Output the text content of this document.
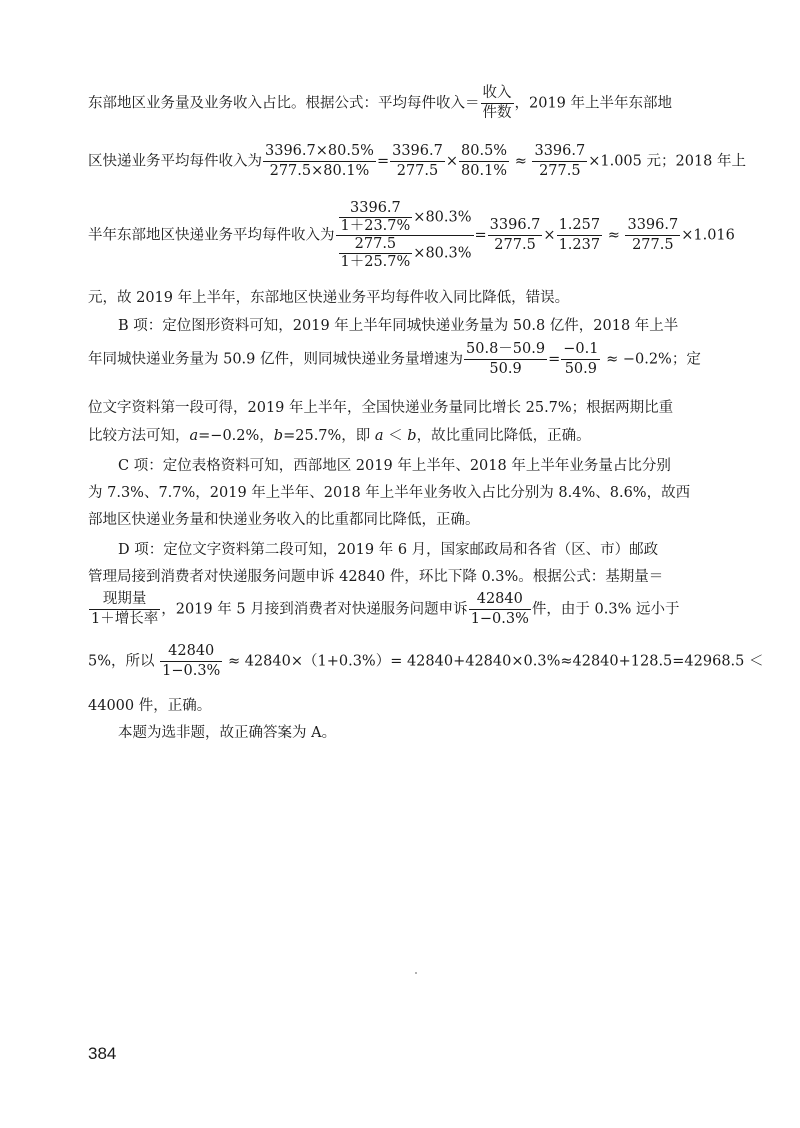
东部地区业务量及业务收入占比。根据公式：平均每件收入＝ $\frac{\text{收入}}{\text{件数}}$ ，2019 年上半年东部地
区快递业务平均每件收入为 $\frac{3396.7\times 80.5\%}{277.5\times 80.1\%} = \frac{3396.7}{277.5} \times \frac{80.5\%}{80.1\%} \approx \frac{3396.7}{277.5} \times 1.005$ 元；2018 年上
半年东部地区快递业务平均每件收入为 $\frac{\frac{3396.7}{1+23.7\%} \times 80.3\%}{\frac{277.5}{1+25.7\%} \times 80.3\%} = \frac{3396.7}{277.5} \times \frac{1.257}{1.237} \approx \frac{3396.7}{277.5} \times 1.016$
元，故 2019 年上半年，东部地区快递业务平均每件收入同比降低，错误。
B 项：定位图形资料可知，2019 年上半年同城快递业务量为 50.8 亿件，2018 年上半
年同城快递业务量为 50.9 亿件，则同城快递业务量增速为 $\frac{50.8-50.9}{50.9} = \frac{-0.1}{50.9} \approx -0.2\%$；定
位文字资料第一段可得，2019 年上半年，全国快递业务量同比增长 25.7%；根据两期比重
比较方法可知，a=−0.2%，b=25.7%，即 a ＜ b，故比重同比降低，正确。
C 项：定位表格资料可知，西部地区 2019 年上半年、2018 年上半年业务量占比分别
为 7.3%、7.7%，2019 年上半年、2018 年上半年业务收入占比分别为 8.4%、8.6%，故西
部地区快递业务量和快递业务收入的比重都同比降低，正确。
D 项：定位文字资料第二段可知，2019 年 6 月，国家邮政局和各省（区、市）邮政
管理局接到消费者对快递服务问题申诉 42840 件，环比下降 0.3%。根据公式：基期量＝
$\frac{\text{现期量}}{\text{1＋增长率}}$ ，2019 年 5 月接到消费者对快递服务问题申诉 $\frac{42840}{1-0.3\%}$ 件，由于 0.3% 远小于
5%，所以 $\frac{42840}{1-0.3\%} \approx 42840\times(1+0.3\%)= 42840+42840\times 0.3\%\approx 42840+128.5=42968.5$ ＜
44000 件，正确。
本题为选非题，故正确答案为 A。
384
